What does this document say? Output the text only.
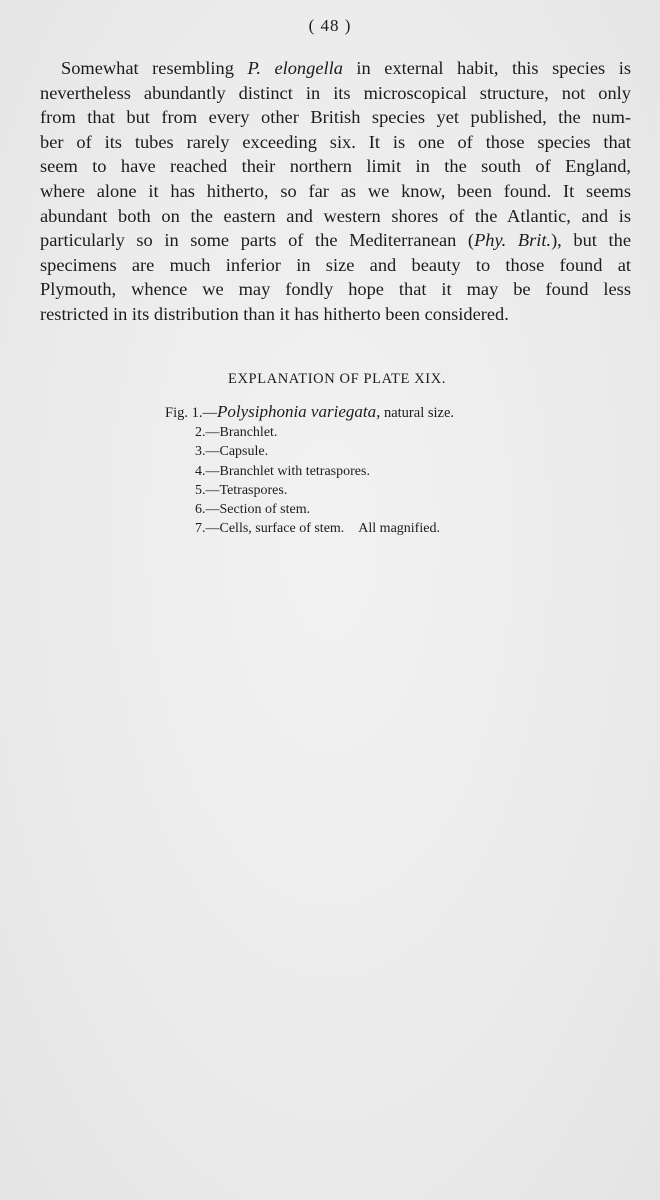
( 48 )

Somewhat resembling P. elongella in external habit, this species is
nevertheless abundantly distinct in its microscopical structure, not only
from that but from every other British species yet published, the num-
ber of its tubes rarely exceeding six. It is one of those species that
seem to have reached their northern limit in the south of England,
where alone it has hitherto, so far as we know, been found. It seems
abundant both on the eastern and western shores of the Atlantic, and is
particularly so in some parts of the Mediterranean (Phy. Brit.), but the
specimens are much inferior in size and beauty to those found at
Plymouth, whence we may fondly hope that it may be found less
restricted in its distribution than it has hitherto been considered.

EXPLANATION OF PLATE XIX.
Fig. 1.—Polysiphonia variegata, natural size.
2.—Branchlet.
3.—Capsule.
4.—Branchlet with tetraspores.
5.—Tetraspores.
6.—Section of stem.
7.—Cells, surface of stem. All magnified.
